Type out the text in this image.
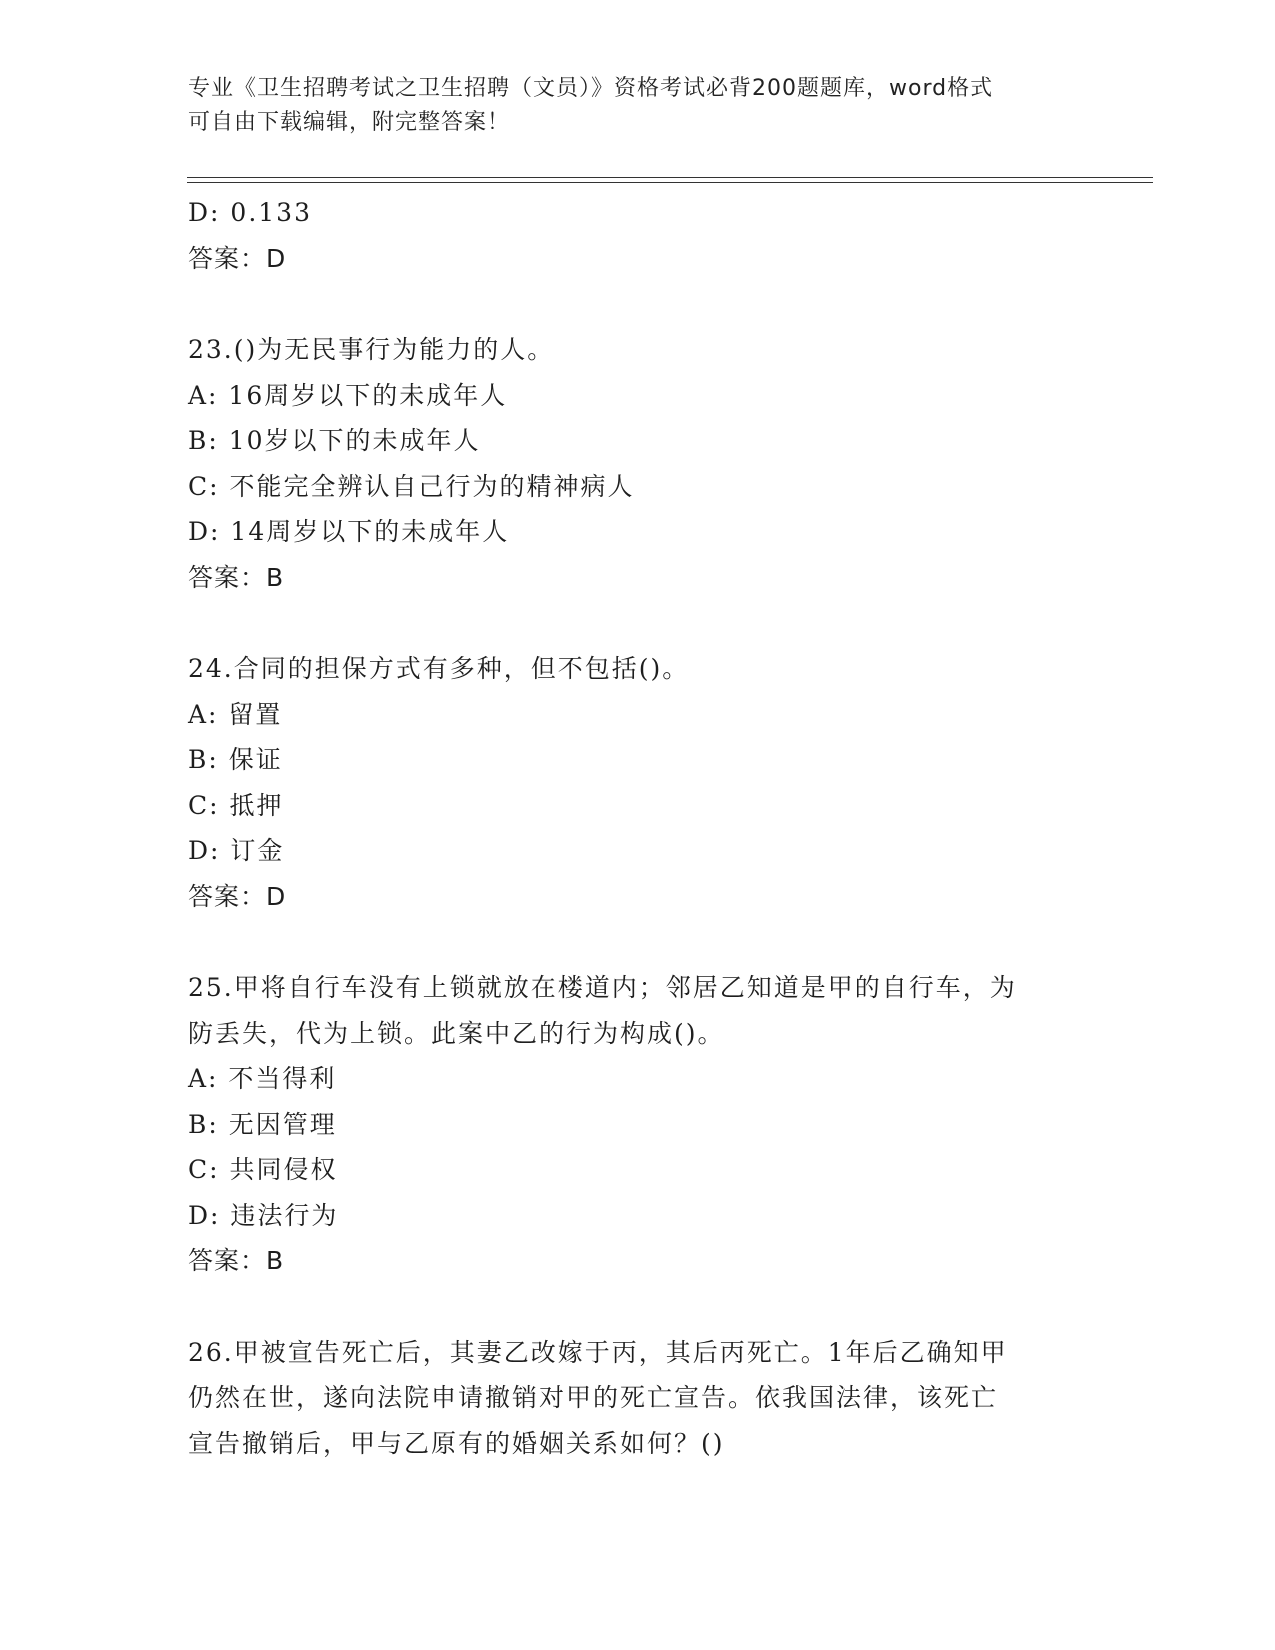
专业《卫生招聘考试之卫生招聘（文员）》资格考试必背200题题库，word格式
可自由下载编辑，附完整答案！
D: 0.133
答案：D
23.()为无民事行为能力的人。
A: 16周岁以下的未成年人
B: 10岁以下的未成年人
C: 不能完全辨认自己行为的精神病人
D: 14周岁以下的未成年人
答案：B
24.合同的担保方式有多种，但不包括()。
A: 留置
B: 保证
C: 抵押
D: 订金
答案：D
25.甲将自行车没有上锁就放在楼道内；邻居乙知道是甲的自行车，为
防丢失，代为上锁。此案中乙的行为构成()。
A: 不当得利
B: 无因管理
C: 共同侵权
D: 违法行为
答案：B
26.甲被宣告死亡后，其妻乙改嫁于丙，其后丙死亡。1年后乙确知甲
仍然在世，遂向法院申请撤销对甲的死亡宣告。依我国法律，该死亡
宣告撤销后，甲与乙原有的婚姻关系如何？()
